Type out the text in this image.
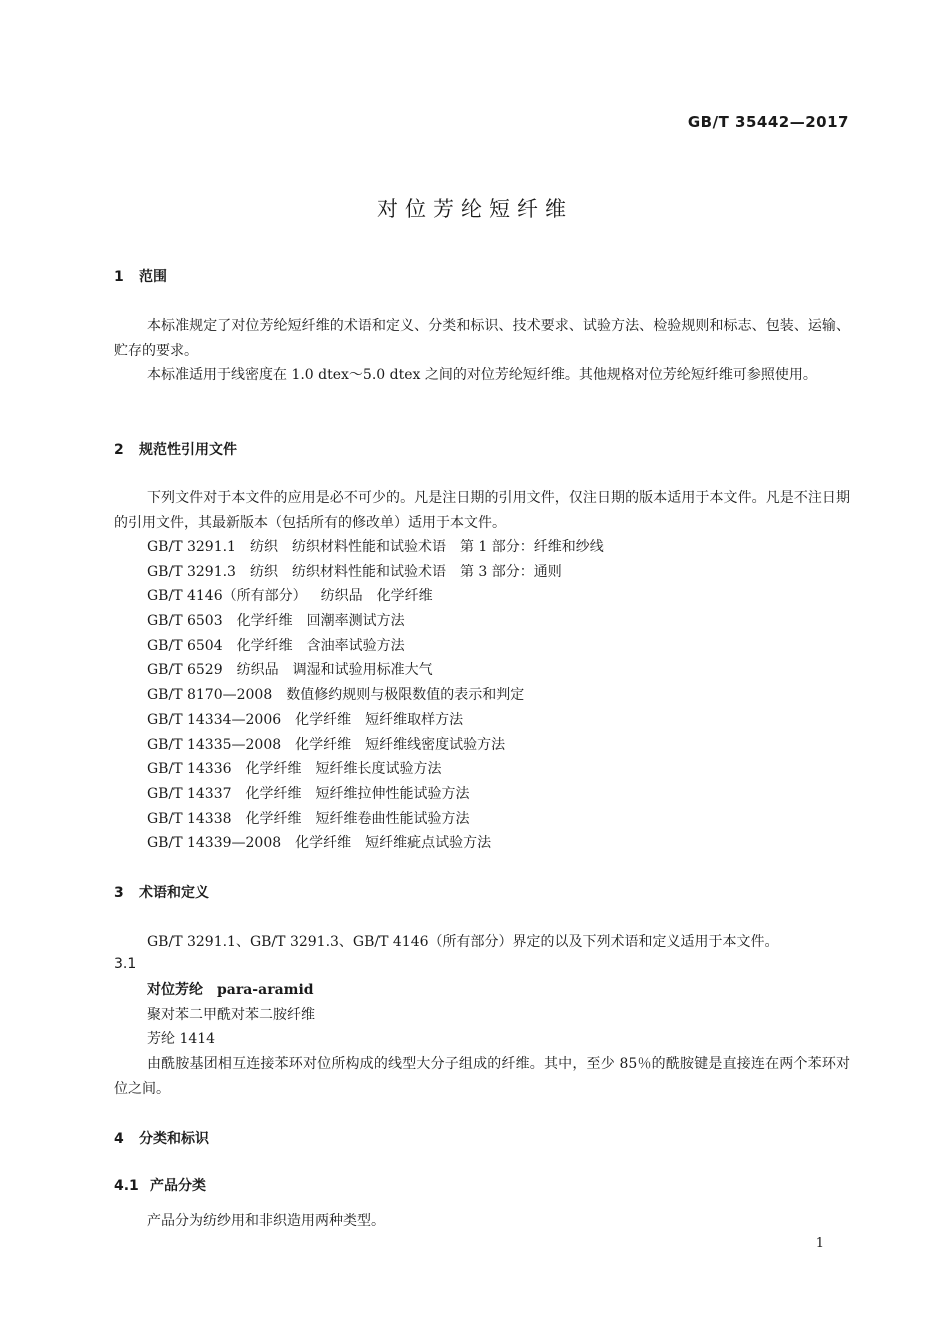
GB/T 35442—2017
对位芳纶短纤维
1 范围
本标准规定了对位芳纶短纤维的术语和定义、分类和标识、技术要求、试验方法、检验规则和标志、包装、运输、贮存的要求。
本标准适用于线密度在 1.0 dtex～5.0 dtex 之间的对位芳纶短纤维。其他规格对位芳纶短纤维可参照使用。
2 规范性引用文件
下列文件对于本文件的应用是必不可少的。凡是注日期的引用文件，仅注日期的版本适用于本文件。凡是不注日期的引用文件，其最新版本（包括所有的修改单）适用于本文件。
GB/T 3291.1 纺织 纺织材料性能和试验术语　第 1 部分：纤维和纱线
GB/T 3291.3 纺织 纺织材料性能和试验术语　第 3 部分：通则
GB/T 4146（所有部分） 纺织品 化学纤维
GB/T 6503 化学纤维 回潮率测试方法
GB/T 6504 化学纤维 含油率试验方法
GB/T 6529 纺织品 调湿和试验用标准大气
GB/T 8170—2008 数值修约规则与极限数值的表示和判定
GB/T 14334—2006 化学纤维 短纤维取样方法
GB/T 14335—2008 化学纤维 短纤维线密度试验方法
GB/T 14336 化学纤维 短纤维长度试验方法
GB/T 14337 化学纤维 短纤维拉伸性能试验方法
GB/T 14338 化学纤维 短纤维卷曲性能试验方法
GB/T 14339—2008 化学纤维 短纤维疵点试验方法
3 术语和定义
GB/T 3291.1、GB/T 3291.3、GB/T 4146（所有部分）界定的以及下列术语和定义适用于本文件。
3.1
对位芳纶 para-aramid
聚对苯二甲酰对苯二胺纤维
芳纶 1414
由酰胺基团相互连接苯环对位所构成的线型大分子组成的纤维。其中，至少 85％的酰胺键是直接连在两个苯环对位之间。
4 分类和标识
4.1 产品分类
产品分为纺纱用和非织造用两种类型。
1
